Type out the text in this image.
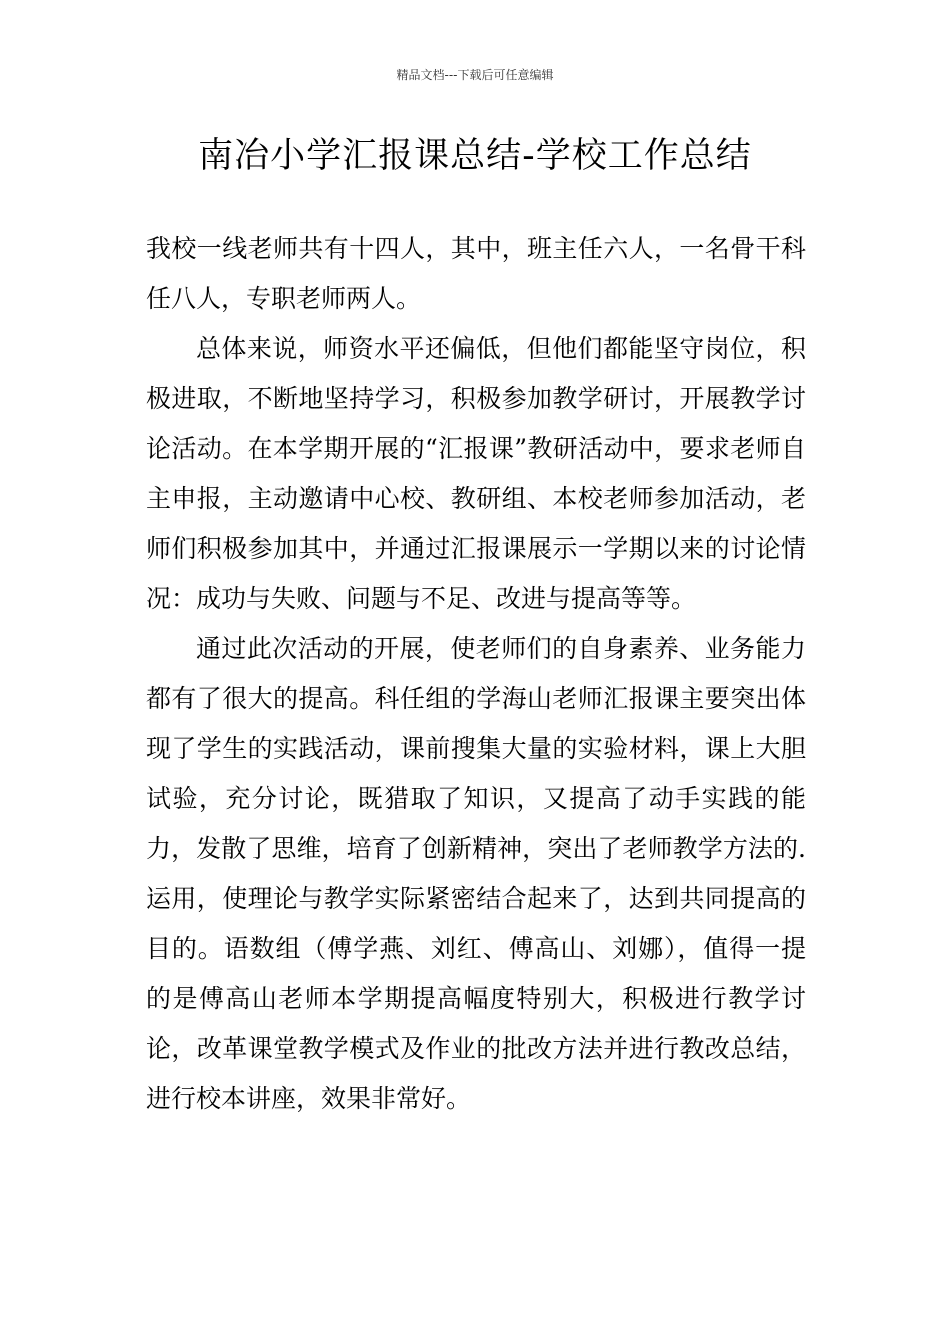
精品文档---下载后可任意编辑
南冶小学汇报课总结-学校工作总结

我校一线老师共有十四人，其中，班主任六人，一名骨干科任八人，专职老师两人。

总体来说，师资水平还偏低，但他们都能坚守岗位，积极进取，不断地坚持学习，积极参加教学研讨，开展教学讨论活动。在本学期开展的“汇报课”教研活动中，要求老师自主申报，主动邀请中心校、教研组、本校老师参加活动，老师们积极参加其中，并通过汇报课展示一学期以来的讨论情况：成功与失败、问题与不足、改进与提高等等。

通过此次活动的开展，使老师们的自身素养、业务能力都有了很大的提高。科任组的学海山老师汇报课主要突出体现了学生的实践活动，课前搜集大量的实验材料，课上大胆试验，充分讨论，既猎取了知识，又提高了动手实践的能力，发散了思维，培育了创新精神，突出了老师教学方法的.运用，使理论与教学实际紧密结合起来了，达到共同提高的目的。语数组（傅学燕、刘红、傅高山、刘娜），值得一提的是傅高山老师本学期提高幅度特别大，积极进行教学讨论，改革课堂教学模式及作业的批改方法并进行教改总结，进行校本讲座，效果非常好。
